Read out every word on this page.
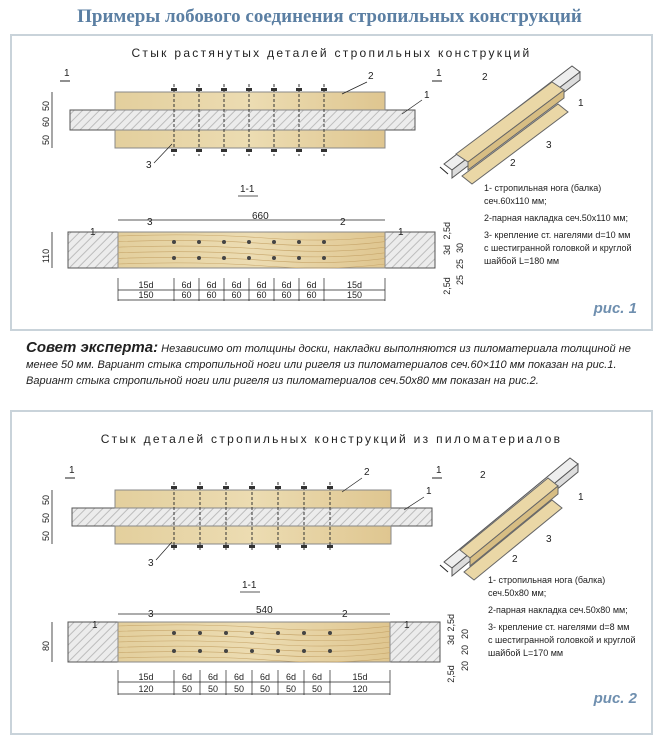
Примеры лобового соединения стропильных конструкций
Стык растянутых деталей стропильных конструкций
1
50
60
50
2
1
3
1	2
1
3
2
1-1
1	1
3	2
660
110
2,5d
3d
2,5d
30
25
25
15d
150
6d
60
6d
60
6d
60
6d
60
6d
60
6d
60
15d
150
1- стропильная нога (балка) сеч.60х110 мм;
2-парная накладка сеч.50х110 мм;
3- крепление ст. нагелями d=10 мм с шестигранной головкой и круглой шайбой L=180 мм
рис. 1
Совет эксперта: Независимо от толщины доски, накладки выполняются из пиломатериала толщиной не менее 50 мм. Вариант стыка стропильной ноги или ригеля из пиломатериалов сеч.60×110 мм показан на рис.1. Вариант стыка стропильной ноги или ригеля из пиломатериалов сеч.50х80 мм показан на рис.2.
Стык деталей стропильных конструкций из пиломатериалов
1
50
50
50
2
1
3
1	2
1
3
2
1-1
1	1
3	2
540
80
2,5d
3d
2,5d
20
20
20
15d
120
6d
50
6d
50
6d
50
6d
50
6d
50
6d
50
15d
120
1- стропильная нога (балка) сеч.50х80 мм;
2-парная накладка сеч.50х80 мм;
3- крепление ст. нагелями d=8 мм с шестигранной головкой и круглой шайбой L=170 мм
рис. 2
